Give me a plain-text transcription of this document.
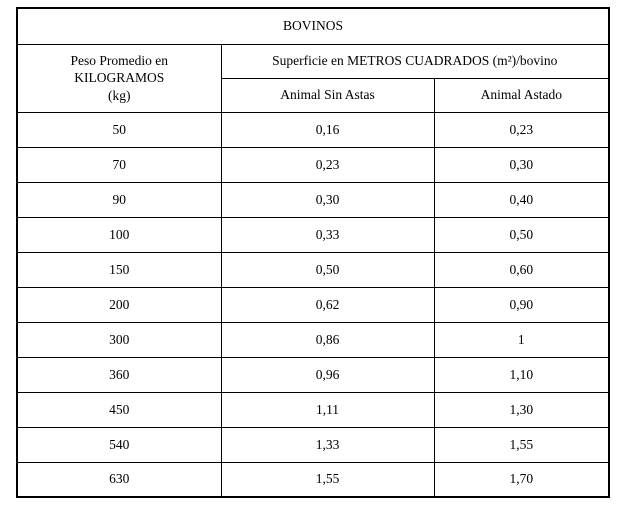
BOVINOS		

Peso Promedio en
KILOGRAMOS
(kg)	Superficie en METROS CUADRADOS (m²)/bovino	
	Animal Sin Astas	Animal Astado
50	0,16	0,23
70	0,23	0,30
90	0,30	0,40
100	0,33	0,50
150	0,50	0,60
200	0,62	0,90
300	0,86	1
360	0,96	1,10
450	1,11	1,30
540	1,33	1,55
630	1,55	1,70
